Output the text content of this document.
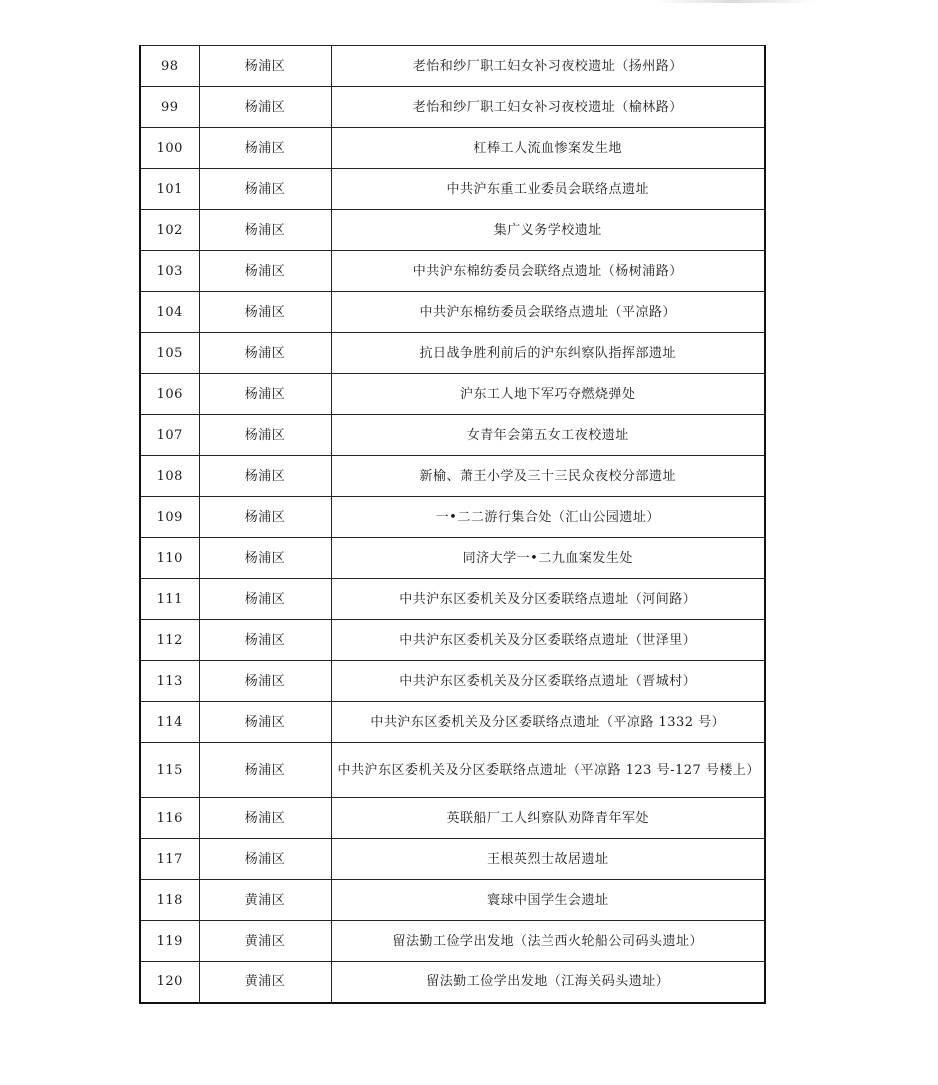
98	杨浦区	老怡和纱厂职工妇女补习夜校遗址（扬州路）
99	杨浦区	老怡和纱厂职工妇女补习夜校遗址（榆林路）
100	杨浦区	杠棒工人流血惨案发生地
101	杨浦区	中共沪东重工业委员会联络点遗址
102	杨浦区	集广义务学校遗址
103	杨浦区	中共沪东棉纺委员会联络点遗址（杨树浦路）
104	杨浦区	中共沪东棉纺委员会联络点遗址（平凉路）
105	杨浦区	抗日战争胜利前后的沪东纠察队指挥部遗址
106	杨浦区	沪东工人地下军巧夺燃烧弹处
107	杨浦区	女青年会第五女工夜校遗址
108	杨浦区	新榆、萧王小学及三十三民众夜校分部遗址
109	杨浦区	一•二二游行集合处（汇山公园遗址）
110	杨浦区	同济大学一•二九血案发生处
111	杨浦区	中共沪东区委机关及分区委联络点遗址（河间路）
112	杨浦区	中共沪东区委机关及分区委联络点遗址（世泽里）
113	杨浦区	中共沪东区委机关及分区委联络点遗址（晋城村）
114	杨浦区	中共沪东区委机关及分区委联络点遗址（平凉路 1332 号）
115	杨浦区	中共沪东区委机关及分区委联络点遗址（平凉路 123 号-127 号楼上）
116	杨浦区	英联船厂工人纠察队劝降青年军处
117	杨浦区	王根英烈士故居遗址
118	黄浦区	寰球中国学生会遗址
119	黄浦区	留法勤工俭学出发地（法兰西火轮船公司码头遗址）
120	黄浦区	留法勤工俭学出发地（江海关码头遗址）
